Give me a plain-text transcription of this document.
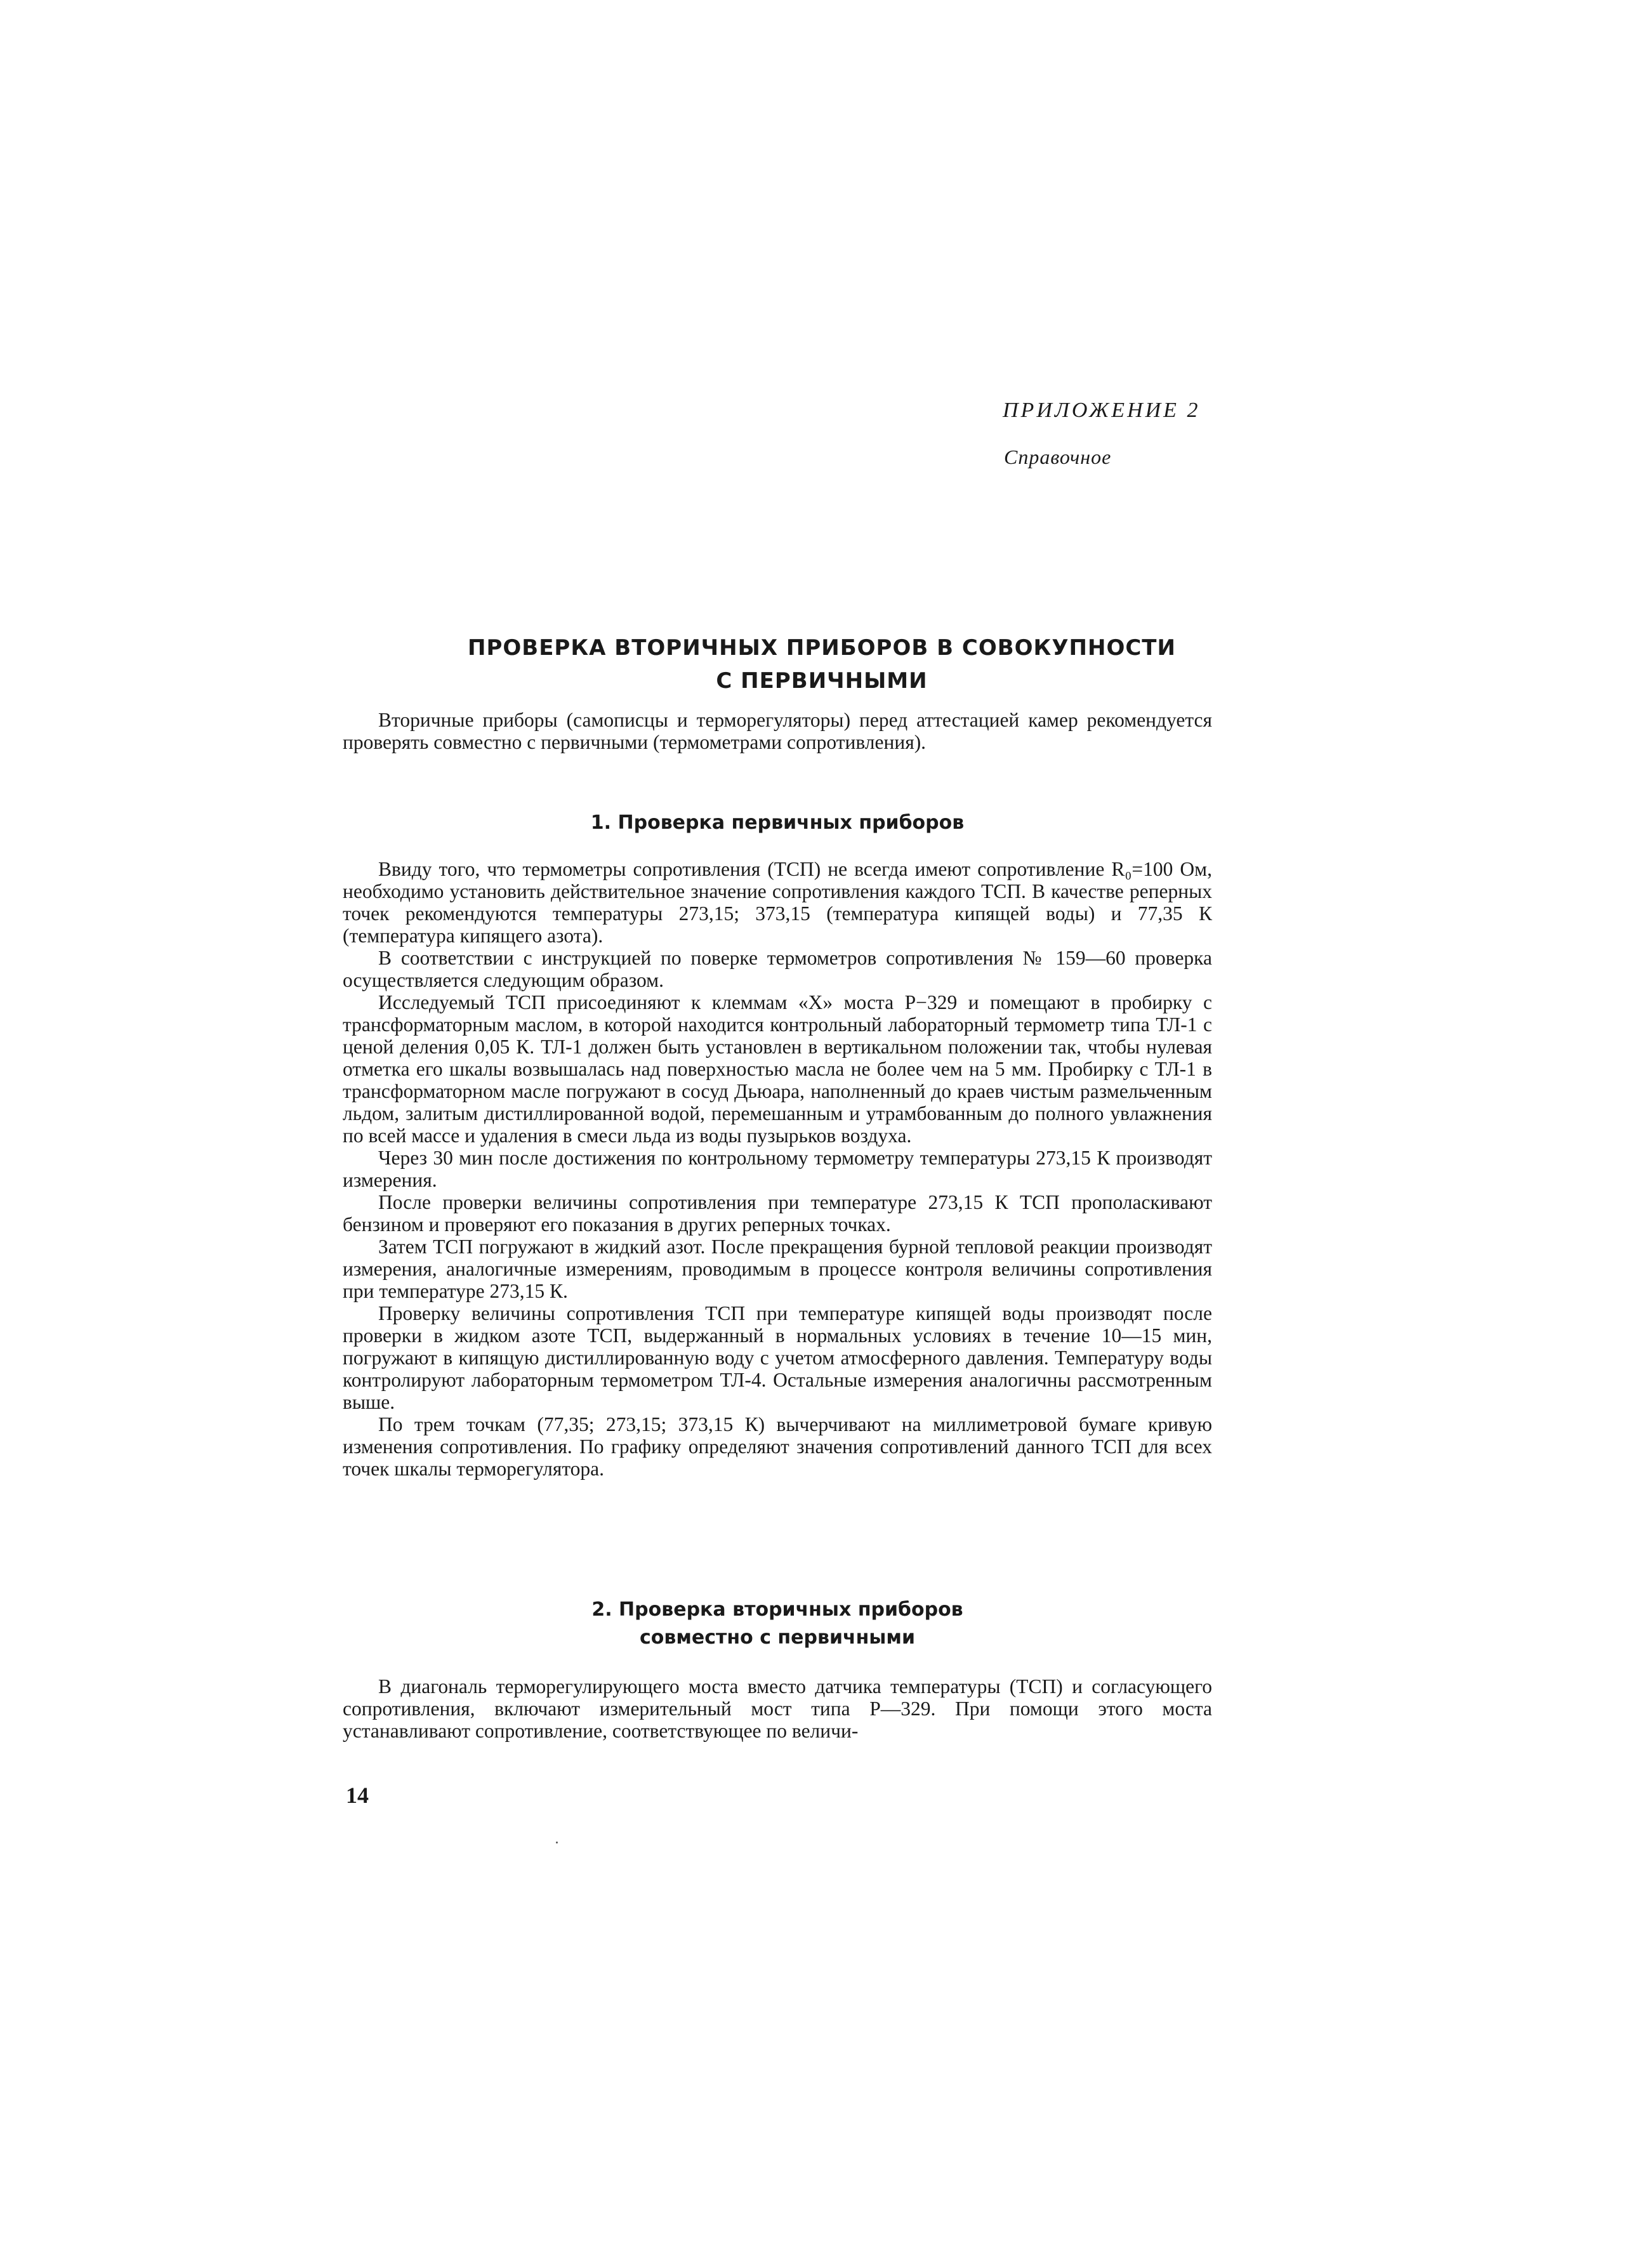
ПРИЛОЖЕНИЕ 2
Справочное
ПРОВЕРКА ВТОРИЧНЫХ ПРИБОРОВ В СОВОКУПНОСТИ
С ПЕРВИЧНЫМИ

Вторичные приборы (самописцы и терморегуляторы) перед аттестацией камер рекомендуется проверять совместно с первичными (термометрами сопротивления).

1. Проверка первичных приборов

Ввиду того, что термометры сопротивления (ТСП) не всегда имеют сопротивление R₀=100 Ом, необходимо установить действительное значение сопротивления каждого ТСП. В качестве реперных точек рекомендуются температуры 273,15; 373,15 (температура кипящей воды) и 77,35 К (температура кипящего азота).

В соответствии с инструкцией по поверке термометров сопротивления № 159—60 проверка осуществляется следующим образом.

Исследуемый ТСП присоединяют к клеммам «Х» моста Р−329 и помещают в пробирку с трансформаторным маслом, в которой находится контрольный лабораторный термометр типа ТЛ-1 с ценой деления 0,05 К. ТЛ-1 должен быть установлен в вертикальном положении так, чтобы нулевая отметка его шкалы возвышалась над поверхностью масла не более чем на 5 мм. Пробирку с ТЛ-1 в трансформаторном масле погружают в сосуд Дьюара, наполненный до краев чистым размельченным льдом, залитым дистиллированной водой, перемешанным и утрамбованным до полного увлажнения по всей массе и удаления в смеси льда из воды пузырьков воздуха.

Через 30 мин после достижения по контрольному термометру температуры 273,15 К производят измерения.

После проверки величины сопротивления при температуре 273,15 К ТСП прополаскивают бензином и проверяют его показания в других реперных точках.

Затем ТСП погружают в жидкий азот. После прекращения бурной тепловой реакции производят измерения, аналогичные измерениям, проводимым в процессе контроля величины сопротивления при температуре 273,15 К.

Проверку величины сопротивления ТСП при температуре кипящей воды производят после проверки в жидком азоте ТСП, выдержанный в нормальных условиях в течение 10—15 мин, погружают в кипящую дистиллированную воду с учетом атмосферного давления. Температуру воды контролируют лабораторным термометром ТЛ-4. Остальные измерения аналогичны рассмотренным выше.

По трем точкам (77,35; 273,15; 373,15 К) вычерчивают на миллиметровой бумаге кривую изменения сопротивления. По графику определяют значения сопротивлений данного ТСП для всех точек шкалы терморегулятора.

2. Проверка вторичных приборов
совместно с первичными

В диагональ терморегулирующего моста вместо датчика температуры (ТСП) и согласующего сопротивления, включают измерительный мост типа Р—329. При помощи этого моста устанавливают сопротивление, соответствующее по величи-

14
